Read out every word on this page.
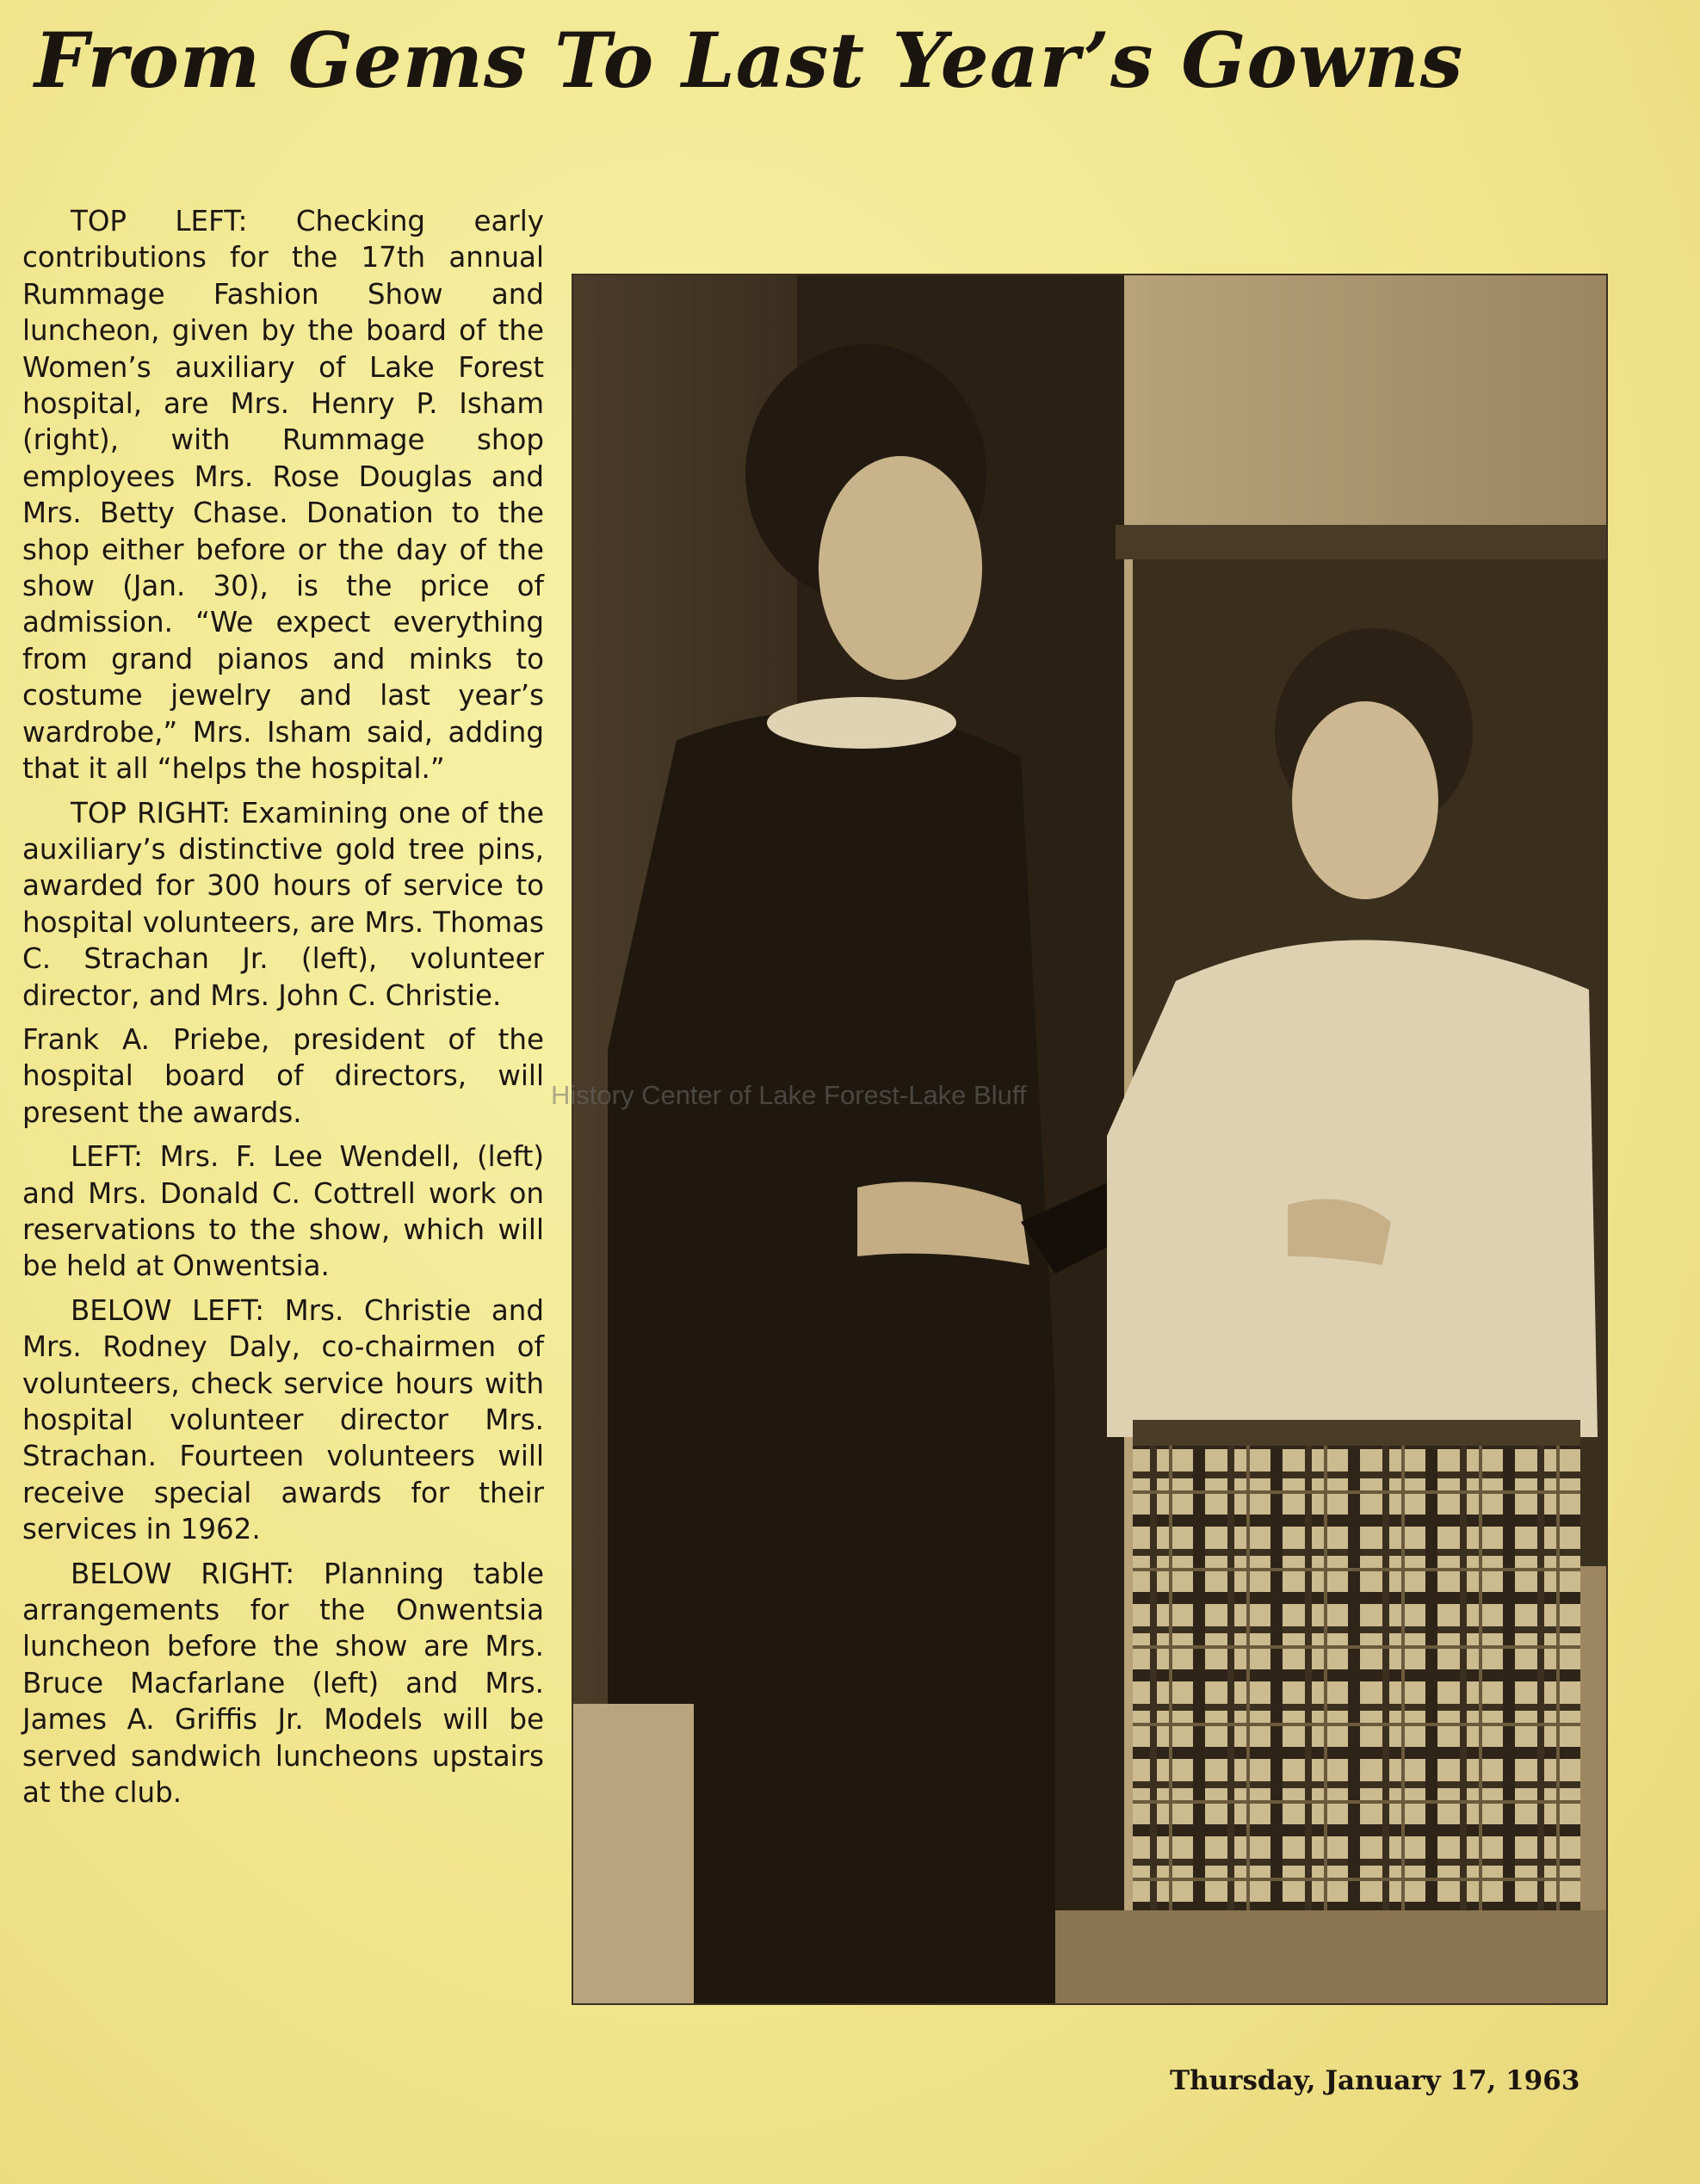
From Gems To Last Year’s Gowns

TOP LEFT: Checking early contributions for the 17th annual Rummage Fashion Show and luncheon, given by the board of the Women’s auxiliary of Lake Forest hospital, are Mrs. Henry P. Isham (right), with Rummage shop employees Mrs. Rose Douglas and Mrs. Betty Chase. Donation to the shop either before or the day of the show (Jan. 30), is the price of admission. “We expect everything from grand pianos and minks to costume jewelry and last year’s wardrobe,” Mrs. Isham said, adding that it all “helps the hospital.”

TOP RIGHT: Examining one of the auxiliary’s distinctive gold tree pins, awarded for 300 hours of service to hospital volunteers, are Mrs. Thomas C. Strachan Jr. (left), volunteer director, and Mrs. John C. Christie.

Frank A. Priebe, president of the hospital board of directors, will present the awards.

LEFT: Mrs. F. Lee Wendell, (left) and Mrs. Donald C. Cottrell work on reservations to the show, which will be held at Onwentsia.

BELOW LEFT: Mrs. Christie and Mrs. Rodney Daly, co-chairmen of volunteers, check service hours with hospital volunteer director Mrs. Strachan. Fourteen volunteers will receive special awards for their services in 1962.

BELOW RIGHT: Planning table arrangements for the Onwentsia luncheon before the show are Mrs. Bruce Macfarlane (left) and Mrs. James A. Griffis Jr. Models will be served sandwich luncheons upstairs at the club.

History Center of Lake Forest-Lake Bluff
Thursday, January 17, 1963
